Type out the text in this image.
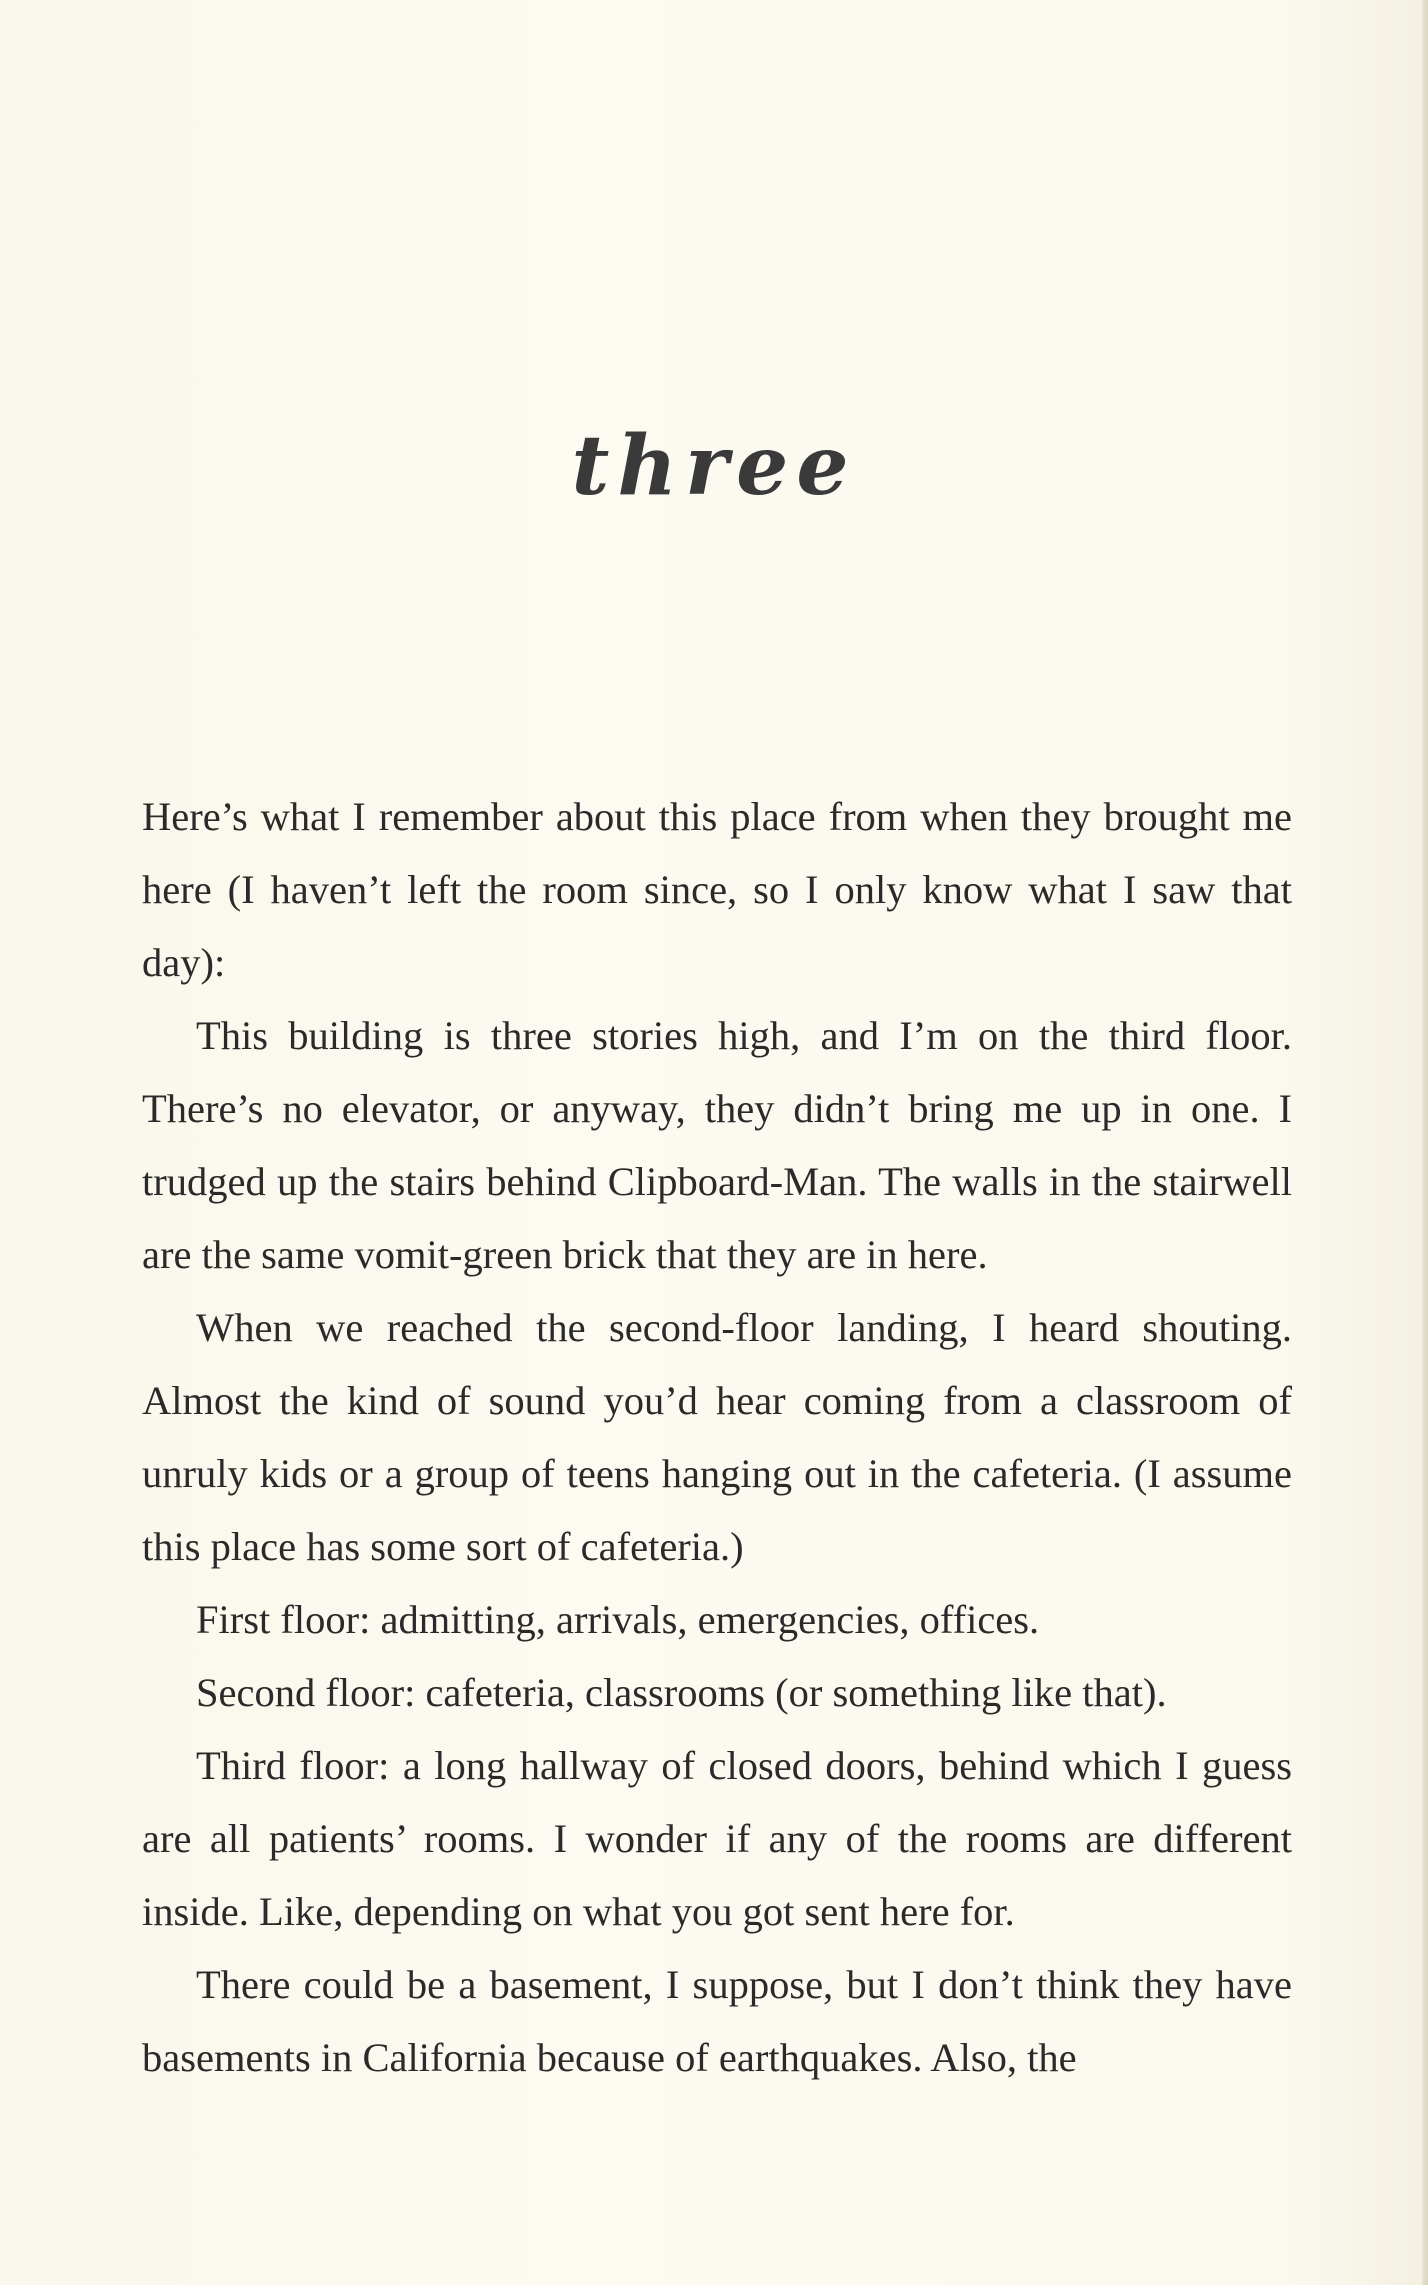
three

Here’s what I remember about this place from when they brought me here (I haven’t left the room since, so I only know what I saw that day):

This building is three stories high, and I’m on the third floor. There’s no elevator, or anyway, they didn’t bring me up in one. I trudged up the stairs behind Clipboard-Man. The walls in the stairwell are the same vomit-green brick that they are in here.

When we reached the second-floor landing, I heard shouting. Almost the kind of sound you’d hear coming from a classroom of unruly kids or a group of teens hanging out in the cafeteria. (I assume this place has some sort of cafeteria.)

First floor: admitting, arrivals, emergencies, offices.

Second floor: cafeteria, classrooms (or something like that).

Third floor: a long hallway of closed doors, behind which I guess are all patients’ rooms. I wonder if any of the rooms are different inside. Like, depending on what you got sent here for.

There could be a basement, I suppose, but I don’t think they have basements in California because of earthquakes. Also, the
